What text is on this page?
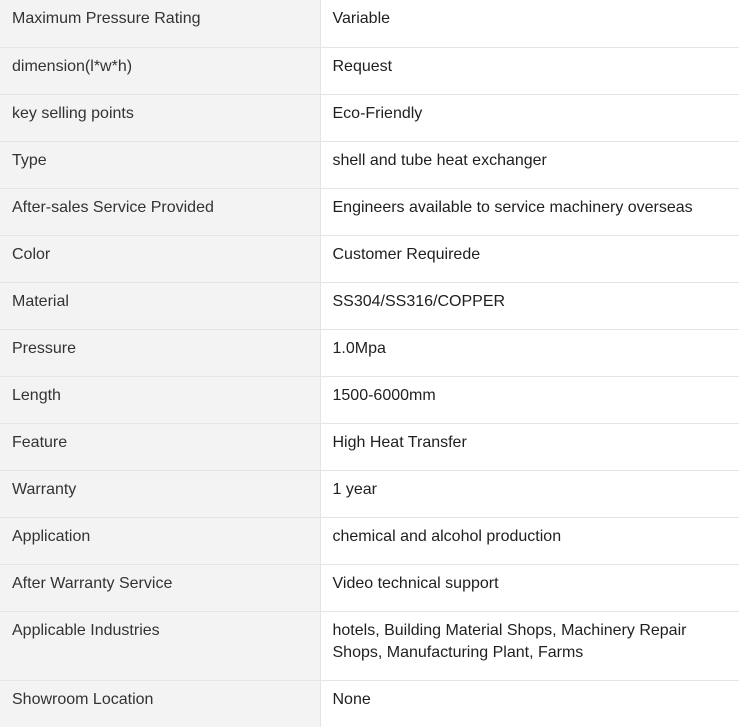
Maximum Pressure Rating	Variable
dimension(l*w*h)	Request
key selling points	Eco-Friendly
Type	shell and tube heat exchanger
After-sales Service Provided	Engineers available to service machinery overseas
Color	Customer Requirede
Material	SS304/SS316/COPPER
Pressure	1.0Mpa
Length	1500-6000mm
Feature	High Heat Transfer
Warranty	1 year
Application	chemical and alcohol production
After Warranty Service	Video technical support
Applicable Industries	hotels, Building Material Shops, Machinery Repair Shops, Manufacturing Plant, Farms
Showroom Location	None
